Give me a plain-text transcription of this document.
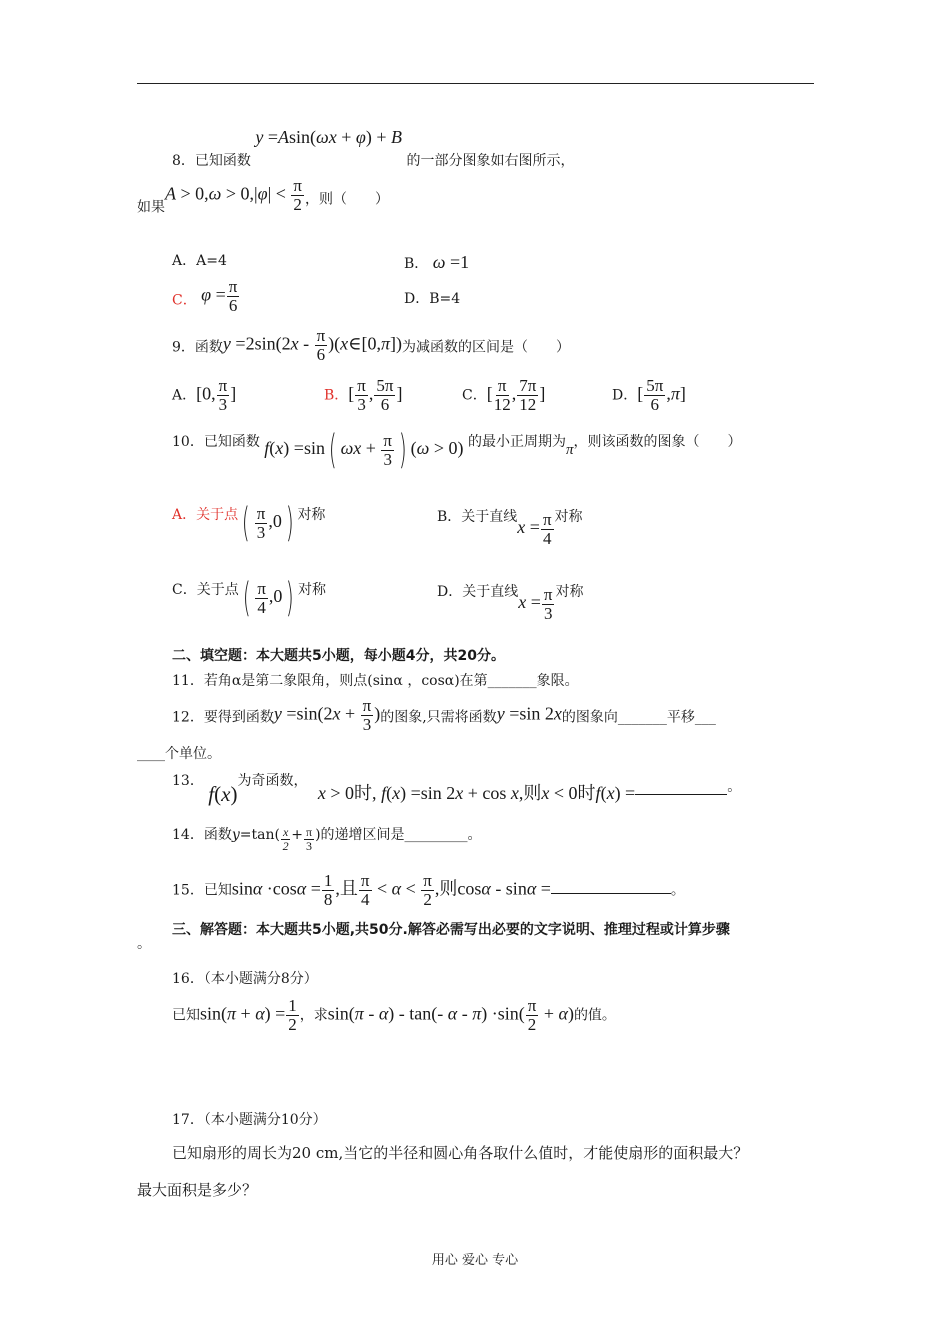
8．已知函数 y =Asin(ωx + φ) + B 的一部分图象如右图所示，
如果$A > 0,\omega > 0,|\varphi| < \frac{\pi}{2}$ ，则（　　）
A．A=4	B． ω =1
C． $\varphi = \frac{\pi}{6}$	D．B=4
9．函数$y =2\sin(2x - \frac{\pi}{6}$ )(x∈[0,π])为减函数的区间是（　　）
A．[0, $\frac{\pi}{3}$ ]	B．[ $\frac{\pi}{3}$ , $\frac{5\pi}{6}$ ]	C．[ $\frac{\pi}{12}$ , $\frac{7\pi}{12}$ ]	D．[ $\frac{5\pi}{6} ,\pi$]
10．已知函数 f(x) =sin( $\omega x + \frac{\pi}{3}$ ) (ω > 0) 的最小正周期为π，则该函数的图象（　　）
A．关于点( $\frac{\pi}{3} ,0$) 对称	B．关于直线$x = \frac{\pi}{4}$ 对称
C．关于点( $\frac{\pi}{4} ,0$) 对称	D．关于直线$x = \frac{\pi}{3}$ 对称
二、填空题：本大题共5小题，每小题4分，共20分。
11．若角α是第二象限角，则点(sinα ，cosα)在第_______象限。
12．要得到函数$y =\sin(2x + \frac{\pi}{3}$ )的图象,只需将函数y =sin 2x的图象向_______平移___
____个单位。
13． f(x)为奇函数， x > 0时, f(x) =sin 2x + cos x,则x < 0时f(x) =	。
14．函数$y=\tan( \frac{x}{2} + \frac{\pi}{3}$ )的递增区间是_________。
15．已知$\sin\alpha \cdot\cos\alpha = \frac{1}{8}$ ,且 $\frac{\pi}{4} < \alpha < \frac{\pi}{2}$ ,则cosα - sinα =	。
三、解答题：本大题共5小题,共50分.解答必需写出必要的文字说明、推理过程或计算步骤
。
16．（本小题满分8分）
已知$\sin(\pi + \alpha) = \frac{1}{2}$ ，求sin(π - α) - tan(- $\alpha - \pi) \cdot\sin( \frac{\pi}{2} + \alpha)$的值。
17．（本小题满分10分）
已知扇形的周长为20 cm,当它的半径和圆心角各取什么值时，才能使扇形的面积最大？
最大面积是多少？
用心 爱心 专心
